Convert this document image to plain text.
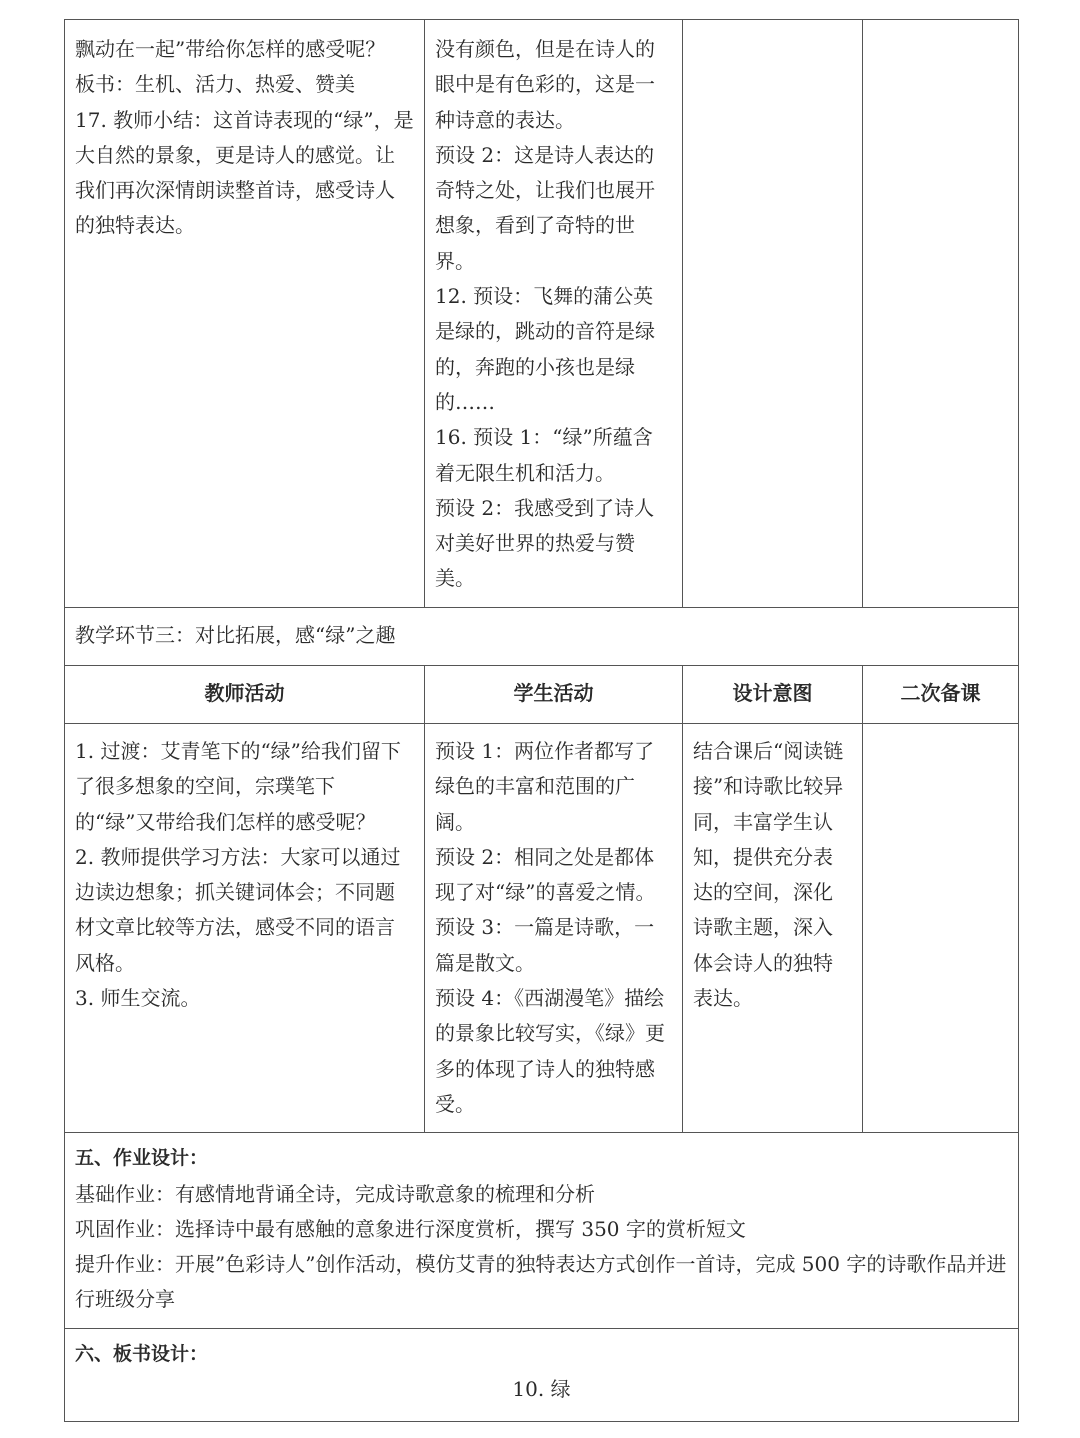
飘动在一起”带给你怎样的感受呢？
板书：生机、活力、热爱、赞美
17. 教师小结：这首诗表现的“绿”，是大自然的景象，更是诗人的感觉。让我们再次深情朗读整首诗，感受诗人的独特表达。	没有颜色，但是在诗人的眼中是有色彩的，这是一种诗意的表达。
预设 2：这是诗人表达的奇特之处，让我们也展开想象，看到了奇特的世界。
12. 预设：飞舞的蒲公英是绿的，跳动的音符是绿的，奔跑的小孩也是绿的……
16. 预设 1：“绿”所蕴含着无限生机和活力。
预设 2：我感受到了诗人对美好世界的热爱与赞美。		

教学环节三：对比拓展，感“绿”之趣			
教师活动	学生活动	设计意图	二次备课

1. 过渡：艾青笔下的“绿”给我们留下了很多想象的空间，宗璞笔下的“绿”又带给我们怎样的感受呢？
2. 教师提供学习方法：大家可以通过边读边想象；抓关键词体会；不同题材文章比较等方法，感受不同的语言风格。
3. 师生交流。	预设 1：两位作者都写了绿色的丰富和范围的广阔。
预设 2：相同之处是都体现了对“绿”的喜爱之情。
预设 3：一篇是诗歌，一篇是散文。
预设 4：《西湖漫笔》描绘的景象比较写实，《绿》更多的体现了诗人的独特感受。	结合课后“阅读链接”和诗歌比较异同，丰富学生认知，提供充分表达的空间，深化诗歌主题，深入体会诗人的独特表达。	

五、作业设计：
基础作业：有感情地背诵全诗，完成诗歌意象的梳理和分析
巩固作业：选择诗中最有感触的意象进行深度赏析，撰写 350 字的赏析短文
提升作业：开展”色彩诗人”创作活动，模仿艾青的独特表达方式创作一首诗，完成 500 字的诗歌作品并进行班级分享			

六、板书设计：
10. 绿			
